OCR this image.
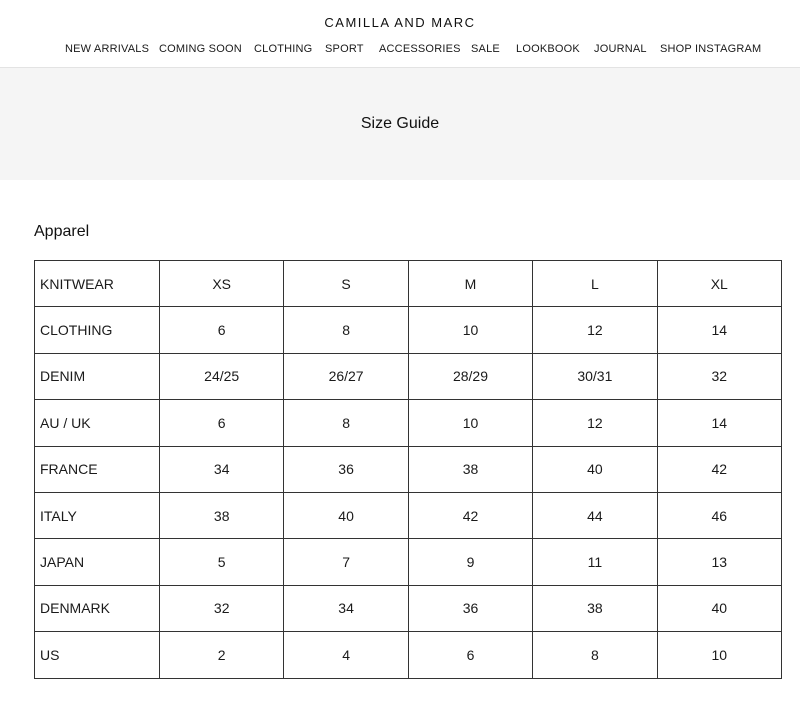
CAMILLA AND MARC
NEW ARRIVALS COMING SOON CLOTHING SPORT ACCESSORIES SALE LOOKBOOK JOURNAL SHOP INSTAGRAM
Size Guide
Apparel
KNITWEAR	XS	S	M	L	XL
CLOTHING	6	8	10	12	14
DENIM	24/25	26/27	28/29	30/31	32
AU / UK	6	8	10	12	14
FRANCE	34	36	38	40	42
ITALY	38	40	42	44	46
JAPAN	5	7	9	11	13
DENMARK	32	34	36	38	40
US	2	4	6	8	10
